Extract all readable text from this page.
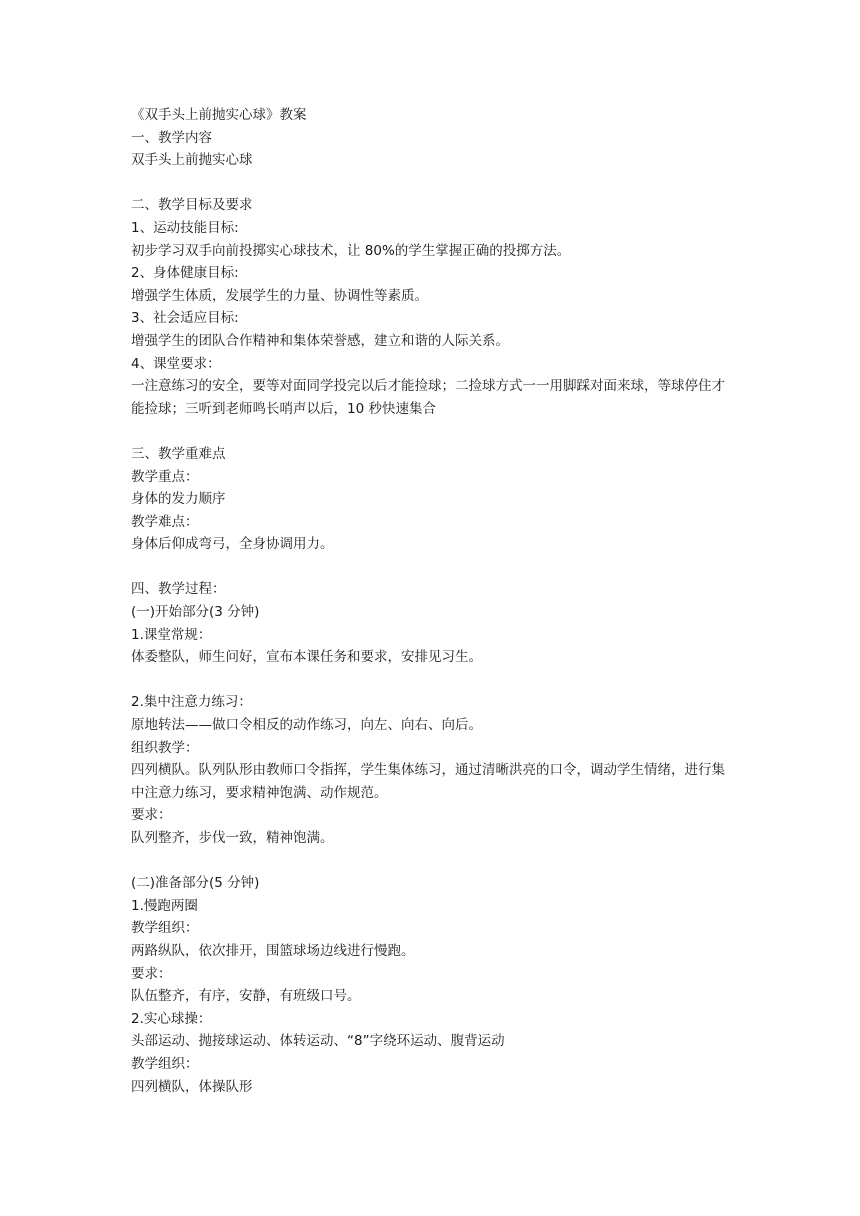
《双手头上前抛实心球》教案

一、教学内容

双手头上前抛实心球

二、教学目标及要求

1、运动技能目标:

初步学习双手向前投掷实心球技术，让 80%的学生掌握正确的投掷方法。

2、身体健康目标:

增强学生体质，发展学生的力量、协调性等素质。

3、社会适应目标:

增强学生的团队合作精神和集体荣誉感，建立和谐的人际关系。

4、课堂要求：

一注意练习的安全，要等对面同学投完以后才能捡球；二捡球方式一一用脚踩对面来球，等球停住才能捡球；三听到老师鸣长哨声以后，10 秒快速集合

三、教学重难点

教学重点：

身体的发力顺序

教学难点：

身体后仰成弯弓，全身协调用力。

四、教学过程：

(一)开始部分(3 分钟)

1.课堂常规：

体委整队，师生问好，宣布本课任务和要求，安排见习生。

2.集中注意力练习：

原地转法——做口令相反的动作练习，向左、向右、向后。

组织教学：

四列横队。队列队形由教师口令指挥，学生集体练习，通过清晰洪亮的口令，调动学生情绪，进行集中注意力练习，要求精神饱满、动作规范。

要求：

队列整齐，步伐一致，精神饱满。

(二)准备部分(5 分钟)

1.慢跑两圈

教学组织：

两路纵队，依次排开，围篮球场边线进行慢跑。

要求：

队伍整齐，有序，安静，有班级口号。

2.实心球操：

头部运动、抛接球运动、体转运动、“8”字绕环运动、腹背运动

教学组织：

四列横队，体操队形
